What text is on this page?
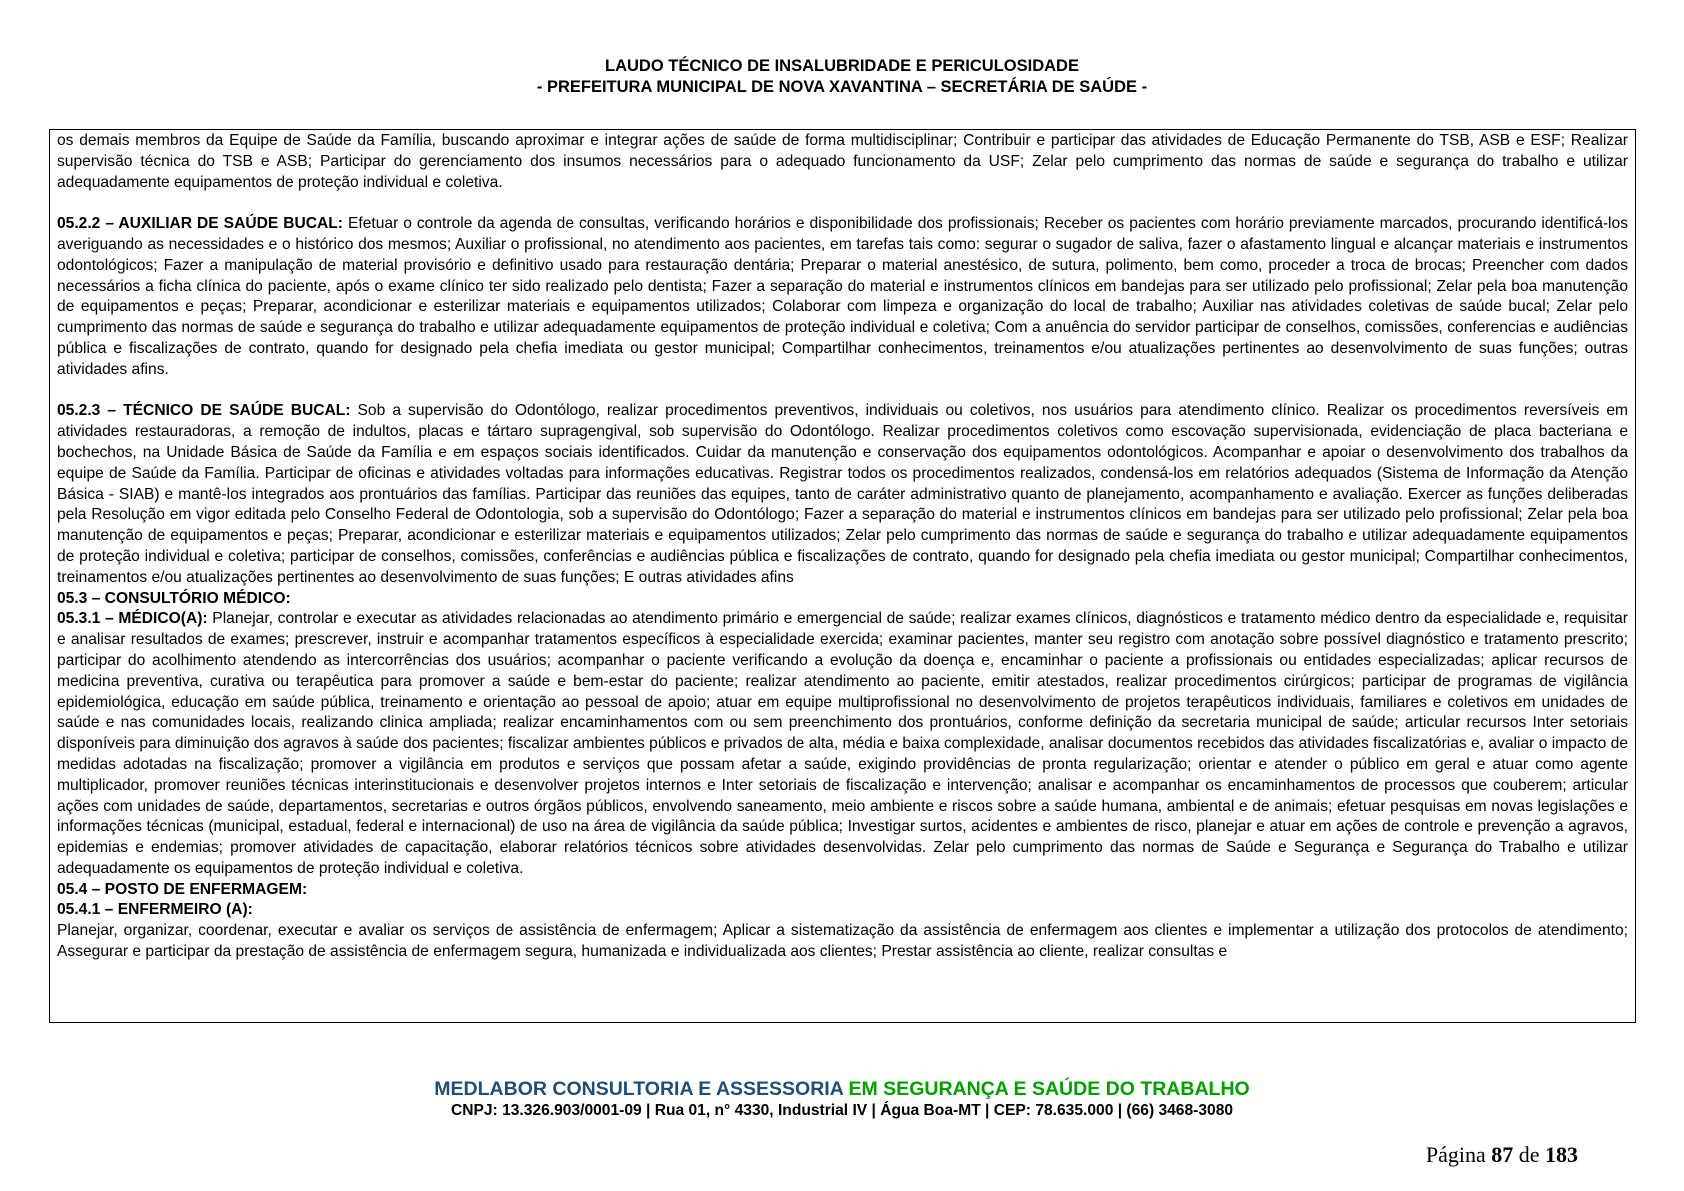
LAUDO TÉCNICO DE INSALUBRIDADE E PERICULOSIDADE
- PREFEITURA MUNICIPAL DE NOVA XAVANTINA – SECRETÁRIA DE SAÚDE -

os demais membros da Equipe de Saúde da Família, buscando aproximar e integrar ações de saúde de forma multidisciplinar; Contribuir e participar das atividades de Educação Permanente do TSB, ASB e ESF; Realizar supervisão técnica do TSB e ASB; Participar do gerenciamento dos insumos necessários para o adequado funcionamento da USF; Zelar pelo cumprimento das normas de saúde e segurança do trabalho e utilizar adequadamente equipamentos de proteção individual e coletiva.

05.2.2 – AUXILIAR DE SAÚDE BUCAL: Efetuar o controle da agenda de consultas, verificando horários e disponibilidade dos profissionais; Receber os pacientes com horário previamente marcados, procurando identificá-los averiguando as necessidades e o histórico dos mesmos; Auxiliar o profissional, no atendimento aos pacientes, em tarefas tais como: segurar o sugador de saliva, fazer o afastamento lingual e alcançar materiais e instrumentos odontológicos; Fazer a manipulação de material provisório e definitivo usado para restauração dentária; Preparar o material anestésico, de sutura, polimento, bem como, proceder a troca de brocas; Preencher com dados necessários a ficha clínica do paciente, após o exame clínico ter sido realizado pelo dentista; Fazer a separação do material e instrumentos clínicos em bandejas para ser utilizado pelo profissional; Zelar pela boa manutenção de equipamentos e peças; Preparar, acondicionar e esterilizar materiais e equipamentos utilizados; Colaborar com limpeza e organização do local de trabalho; Auxiliar nas atividades coletivas de saúde bucal; Zelar pelo cumprimento das normas de saúde e segurança do trabalho e utilizar adequadamente equipamentos de proteção individual e coletiva; Com a anuência do servidor participar de conselhos, comissões, conferencias e audiências pública e fiscalizações de contrato, quando for designado pela chefia imediata ou gestor municipal; Compartilhar conhecimentos, treinamentos e/ou atualizações pertinentes ao desenvolvimento de suas funções; outras atividades afins.

05.2.3 – TÉCNICO DE SAÚDE BUCAL: Sob a supervisão do Odontólogo, realizar procedimentos preventivos, individuais ou coletivos, nos usuários para atendimento clínico. Realizar os procedimentos reversíveis em atividades restauradoras, a remoção de indultos, placas e tártaro supragengival, sob supervisão do Odontólogo. Realizar procedimentos coletivos como escovação supervisionada, evidenciação de placa bacteriana e bochechos, na Unidade Básica de Saúde da Família e em espaços sociais identificados. Cuidar da manutenção e conservação dos equipamentos odontológicos. Acompanhar e apoiar o desenvolvimento dos trabalhos da equipe de Saúde da Família. Participar de oficinas e atividades voltadas para informações educativas. Registrar todos os procedimentos realizados, condensá-los em relatórios adequados (Sistema de Informação da Atenção Básica - SIAB) e mantê-los integrados aos prontuários das famílias. Participar das reuniões das equipes, tanto de caráter administrativo quanto de planejamento, acompanhamento e avaliação. Exercer as funções deliberadas pela Resolução em vigor editada pelo Conselho Federal de Odontologia, sob a supervisão do Odontólogo; Fazer a separação do material e instrumentos clínicos em bandejas para ser utilizado pelo profissional; Zelar pela boa manutenção de equipamentos e peças; Preparar, acondicionar e esterilizar materiais e equipamentos utilizados; Zelar pelo cumprimento das normas de saúde e segurança do trabalho e utilizar adequadamente equipamentos de proteção individual e coletiva; participar de conselhos, comissões, conferências e audiências pública e fiscalizações de contrato, quando for designado pela chefia imediata ou gestor municipal; Compartilhar conhecimentos, treinamentos e/ou atualizações pertinentes ao desenvolvimento de suas funções; E outras atividades afins

05.3 – CONSULTÓRIO MÉDICO:

05.3.1 – MÉDICO(A): Planejar, controlar e executar as atividades relacionadas ao atendimento primário e emergencial de saúde; realizar exames clínicos, diagnósticos e tratamento médico dentro da especialidade e, requisitar e analisar resultados de exames; prescrever, instruir e acompanhar tratamentos específicos à especialidade exercida; examinar pacientes, manter seu registro com anotação sobre possível diagnóstico e tratamento prescrito; participar do acolhimento atendendo as intercorrências dos usuários; acompanhar o paciente verificando a evolução da doença e, encaminhar o paciente a profissionais ou entidades especializadas; aplicar recursos de medicina preventiva, curativa ou terapêutica para promover a saúde e bem-estar do paciente; realizar atendimento ao paciente, emitir atestados, realizar procedimentos cirúrgicos; participar de programas de vigilância epidemiológica, educação em saúde pública, treinamento e orientação ao pessoal de apoio; atuar em equipe multiprofissional no desenvolvimento de projetos terapêuticos individuais, familiares e coletivos em unidades de saúde e nas comunidades locais, realizando clinica ampliada; realizar encaminhamentos com ou sem preenchimento dos prontuários, conforme definição da secretaria municipal de saúde; articular recursos Inter setoriais disponíveis para diminuição dos agravos à saúde dos pacientes; fiscalizar ambientes públicos e privados de alta, média e baixa complexidade, analisar documentos recebidos das atividades fiscalizatórias e, avaliar o impacto de medidas adotadas na fiscalização; promover a vigilância em produtos e serviços que possam afetar a saúde, exigindo providências de pronta regularização; orientar e atender o público em geral e atuar como agente multiplicador, promover reuniões técnicas interinstitucionais e desenvolver projetos internos e Inter setoriais de fiscalização e intervenção; analisar e acompanhar os encaminhamentos de processos que couberem; articular ações com unidades de saúde, departamentos, secretarias e outros órgãos públicos, envolvendo saneamento, meio ambiente e riscos sobre a saúde humana, ambiental e de animais; efetuar pesquisas em novas legislações e informações técnicas (municipal, estadual, federal e internacional) de uso na área de vigilância da saúde pública; Investigar surtos, acidentes e ambientes de risco, planejar e atuar em ações de controle e prevenção a agravos, epidemias e endemias; promover atividades de capacitação, elaborar relatórios técnicos sobre atividades desenvolvidas. Zelar pelo cumprimento das normas de Saúde e Segurança e Segurança do Trabalho e utilizar adequadamente os equipamentos de proteção individual e coletiva.

05.4 – POSTO DE ENFERMAGEM:

05.4.1 – ENFERMEIRO (A):

Planejar, organizar, coordenar, executar e avaliar os serviços de assistência de enfermagem; Aplicar a sistematização da assistência de enfermagem aos clientes e implementar a utilização dos protocolos de atendimento; Assegurar e participar da prestação de assistência de enfermagem segura, humanizada e individualizada aos clientes; Prestar assistência ao cliente, realizar consultas e

MEDLABOR CONSULTORIA E ASSESSORIA EM SEGURANÇA E SAÚDE DO TRABALHO
CNPJ: 13.326.903/0001-09 | Rua 01, n° 4330, Industrial IV | Água Boa-MT | CEP: 78.635.000 | (66) 3468-3080
Página 87 de 183
